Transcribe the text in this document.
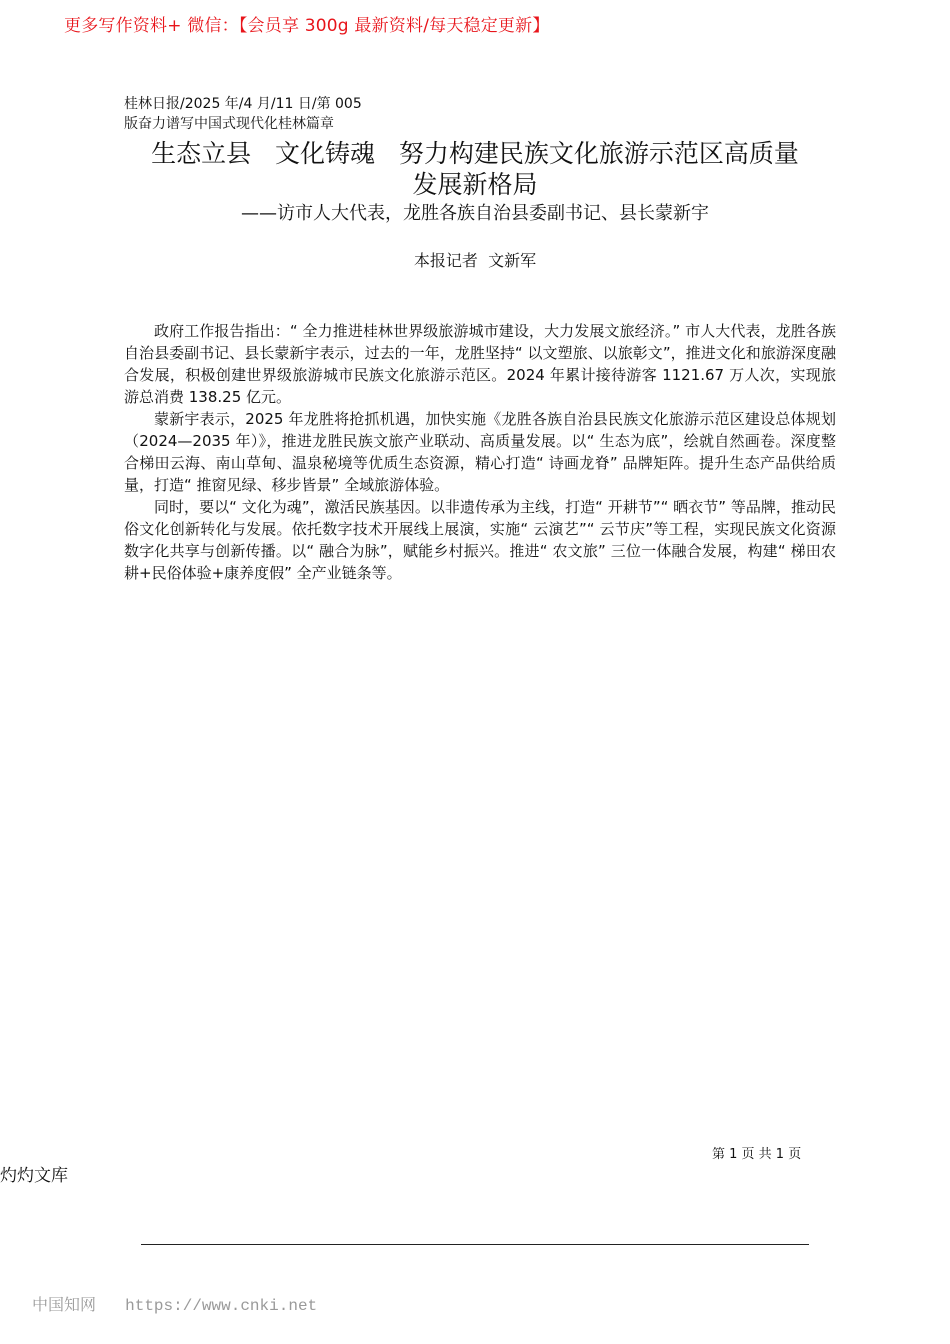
更多写作资料+ 微信：【会员享 300g 最新资料/每天稳定更新】
桂林日报/2025 年/4 月/11 日/第 005
版奋力谱写中国式现代化桂林篇章
生态立县   文化铸魂   努力构建民族文化旅游示范区高质量
发展新格局
——访市人大代表，龙胜各族自治县委副书记、县长蒙新宇
本报记者  文新军

政府工作报告指出：“ 全力推进桂林世界级旅游城市建设，大力发展文旅经济。” 市人大代表，龙胜各族自治县委副书记、县长蒙新宇表示，过去的一年，龙胜坚持“ 以文塑旅、以旅彰文”，推进文化和旅游深度融合发展，积极创建世界级旅游城市民族文化旅游示范区。2024 年累计接待游客 1121.67 万人次，实现旅游总消费 138.25 亿元。

蒙新宇表示，2025 年龙胜将抢抓机遇，加快实施《龙胜各族自治县民族文化旅游示范区建设总体规划（2024—2035 年）》，推进龙胜民族文旅产业联动、高质量发展。以“ 生态为底”，绘就自然画卷。深度整合梯田云海、南山草甸、温泉秘境等优质生态资源，精心打造“ 诗画龙脊” 品牌矩阵。提升生态产品供给质量，打造“ 推窗见绿、移步皆景” 全域旅游体验。

同时，要以“ 文化为魂”，激活民族基因。以非遗传承为主线，打造“ 开耕节”“ 晒衣节” 等品牌，推动民俗文化创新转化与发展。依托数字技术开展线上展演，实施“ 云演艺”“ 云节庆”等工程，实现民族文化资源数字化共享与创新传播。以“ 融合为脉”，赋能乡村振兴。推进“ 农文旅” 三位一体融合发展，构建“ 梯田农耕+民俗体验+康养度假” 全产业链条等。

第 1 页 共 1 页
灼灼文库
中国知网 https://www.cnki.net
